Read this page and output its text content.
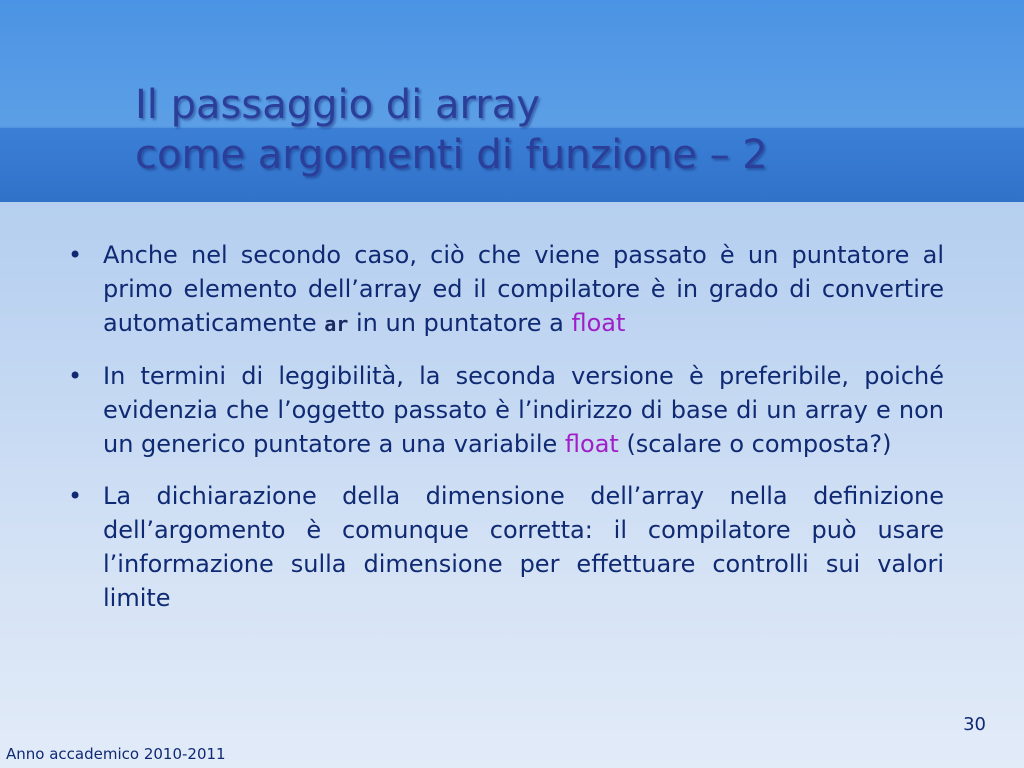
Il passaggio di array
come argomenti di funzione – 2
• Anche nel secondo caso, ciò che viene passato è un puntatore al primo elemento dell’array ed il compilatore è in grado di convertire automaticamente ar in un puntatore a float
• In termini di leggibilità, la seconda versione è preferibile, poiché evidenzia che l’oggetto passato è l’indirizzo di base di un array e non un generico puntatore a una variabile float (scalare o composta?)
• La dichiarazione della dimensione dell’array nella definizione dell’argomento è comunque corretta: il compilatore può usare l’informazione sulla dimensione per effettuare controlli sui valori limite
30
Anno accademico 2010-2011
